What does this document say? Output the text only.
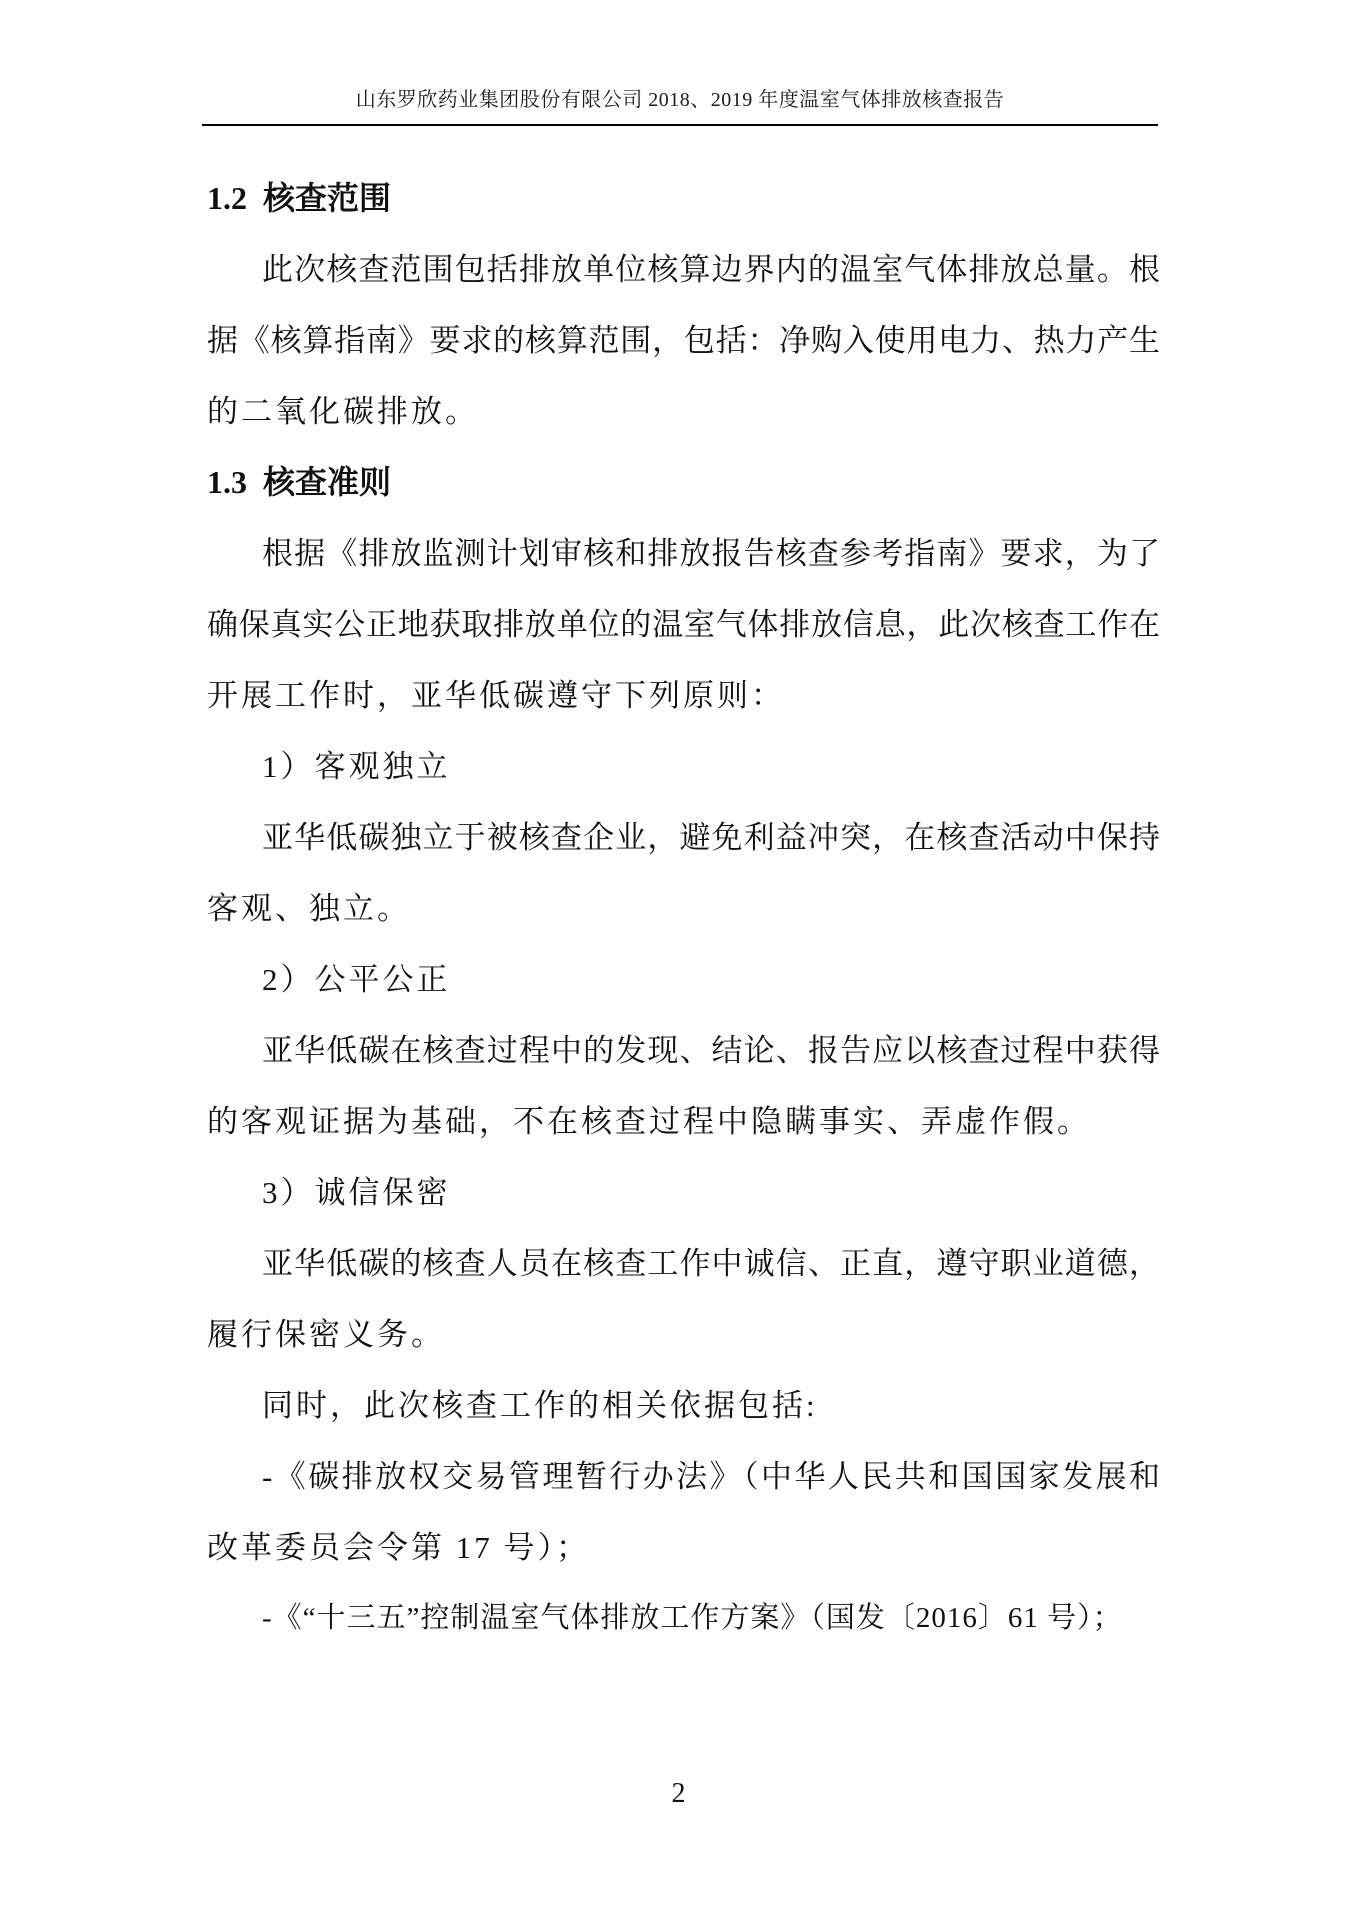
山东罗欣药业集团股份有限公司 2018、2019 年度温室气体排放核查报告
1.2 核查范围
此次核查范围包括排放单位核算边界内的温室气体排放总量。根
据《核算指南》要求的核算范围，包括：净购入使用电力、热力产生
的二氧化碳排放。
1.3 核查准则
根据《排放监测计划审核和排放报告核查参考指南》要求，为了
确保真实公正地获取排放单位的温室气体排放信息，此次核查工作在
开展工作时，亚华低碳遵守下列原则：
1）客观独立
亚华低碳独立于被核查企业，避免利益冲突，在核查活动中保持
客观、独立。
2）公平公正
亚华低碳在核查过程中的发现、结论、报告应以核查过程中获得
的客观证据为基础，不在核查过程中隐瞒事实、弄虚作假。
3）诚信保密
亚华低碳的核查人员在核查工作中诚信、正直，遵守职业道德，
履行保密义务。
同时，此次核查工作的相关依据包括:
-《碳排放权交易管理暂行办法》（中华人民共和国国家发展和
改革委员会令第 17 号）；
-《“十三五”控制温室气体排放工作方案》（国发〔2016〕61 号）；
2
